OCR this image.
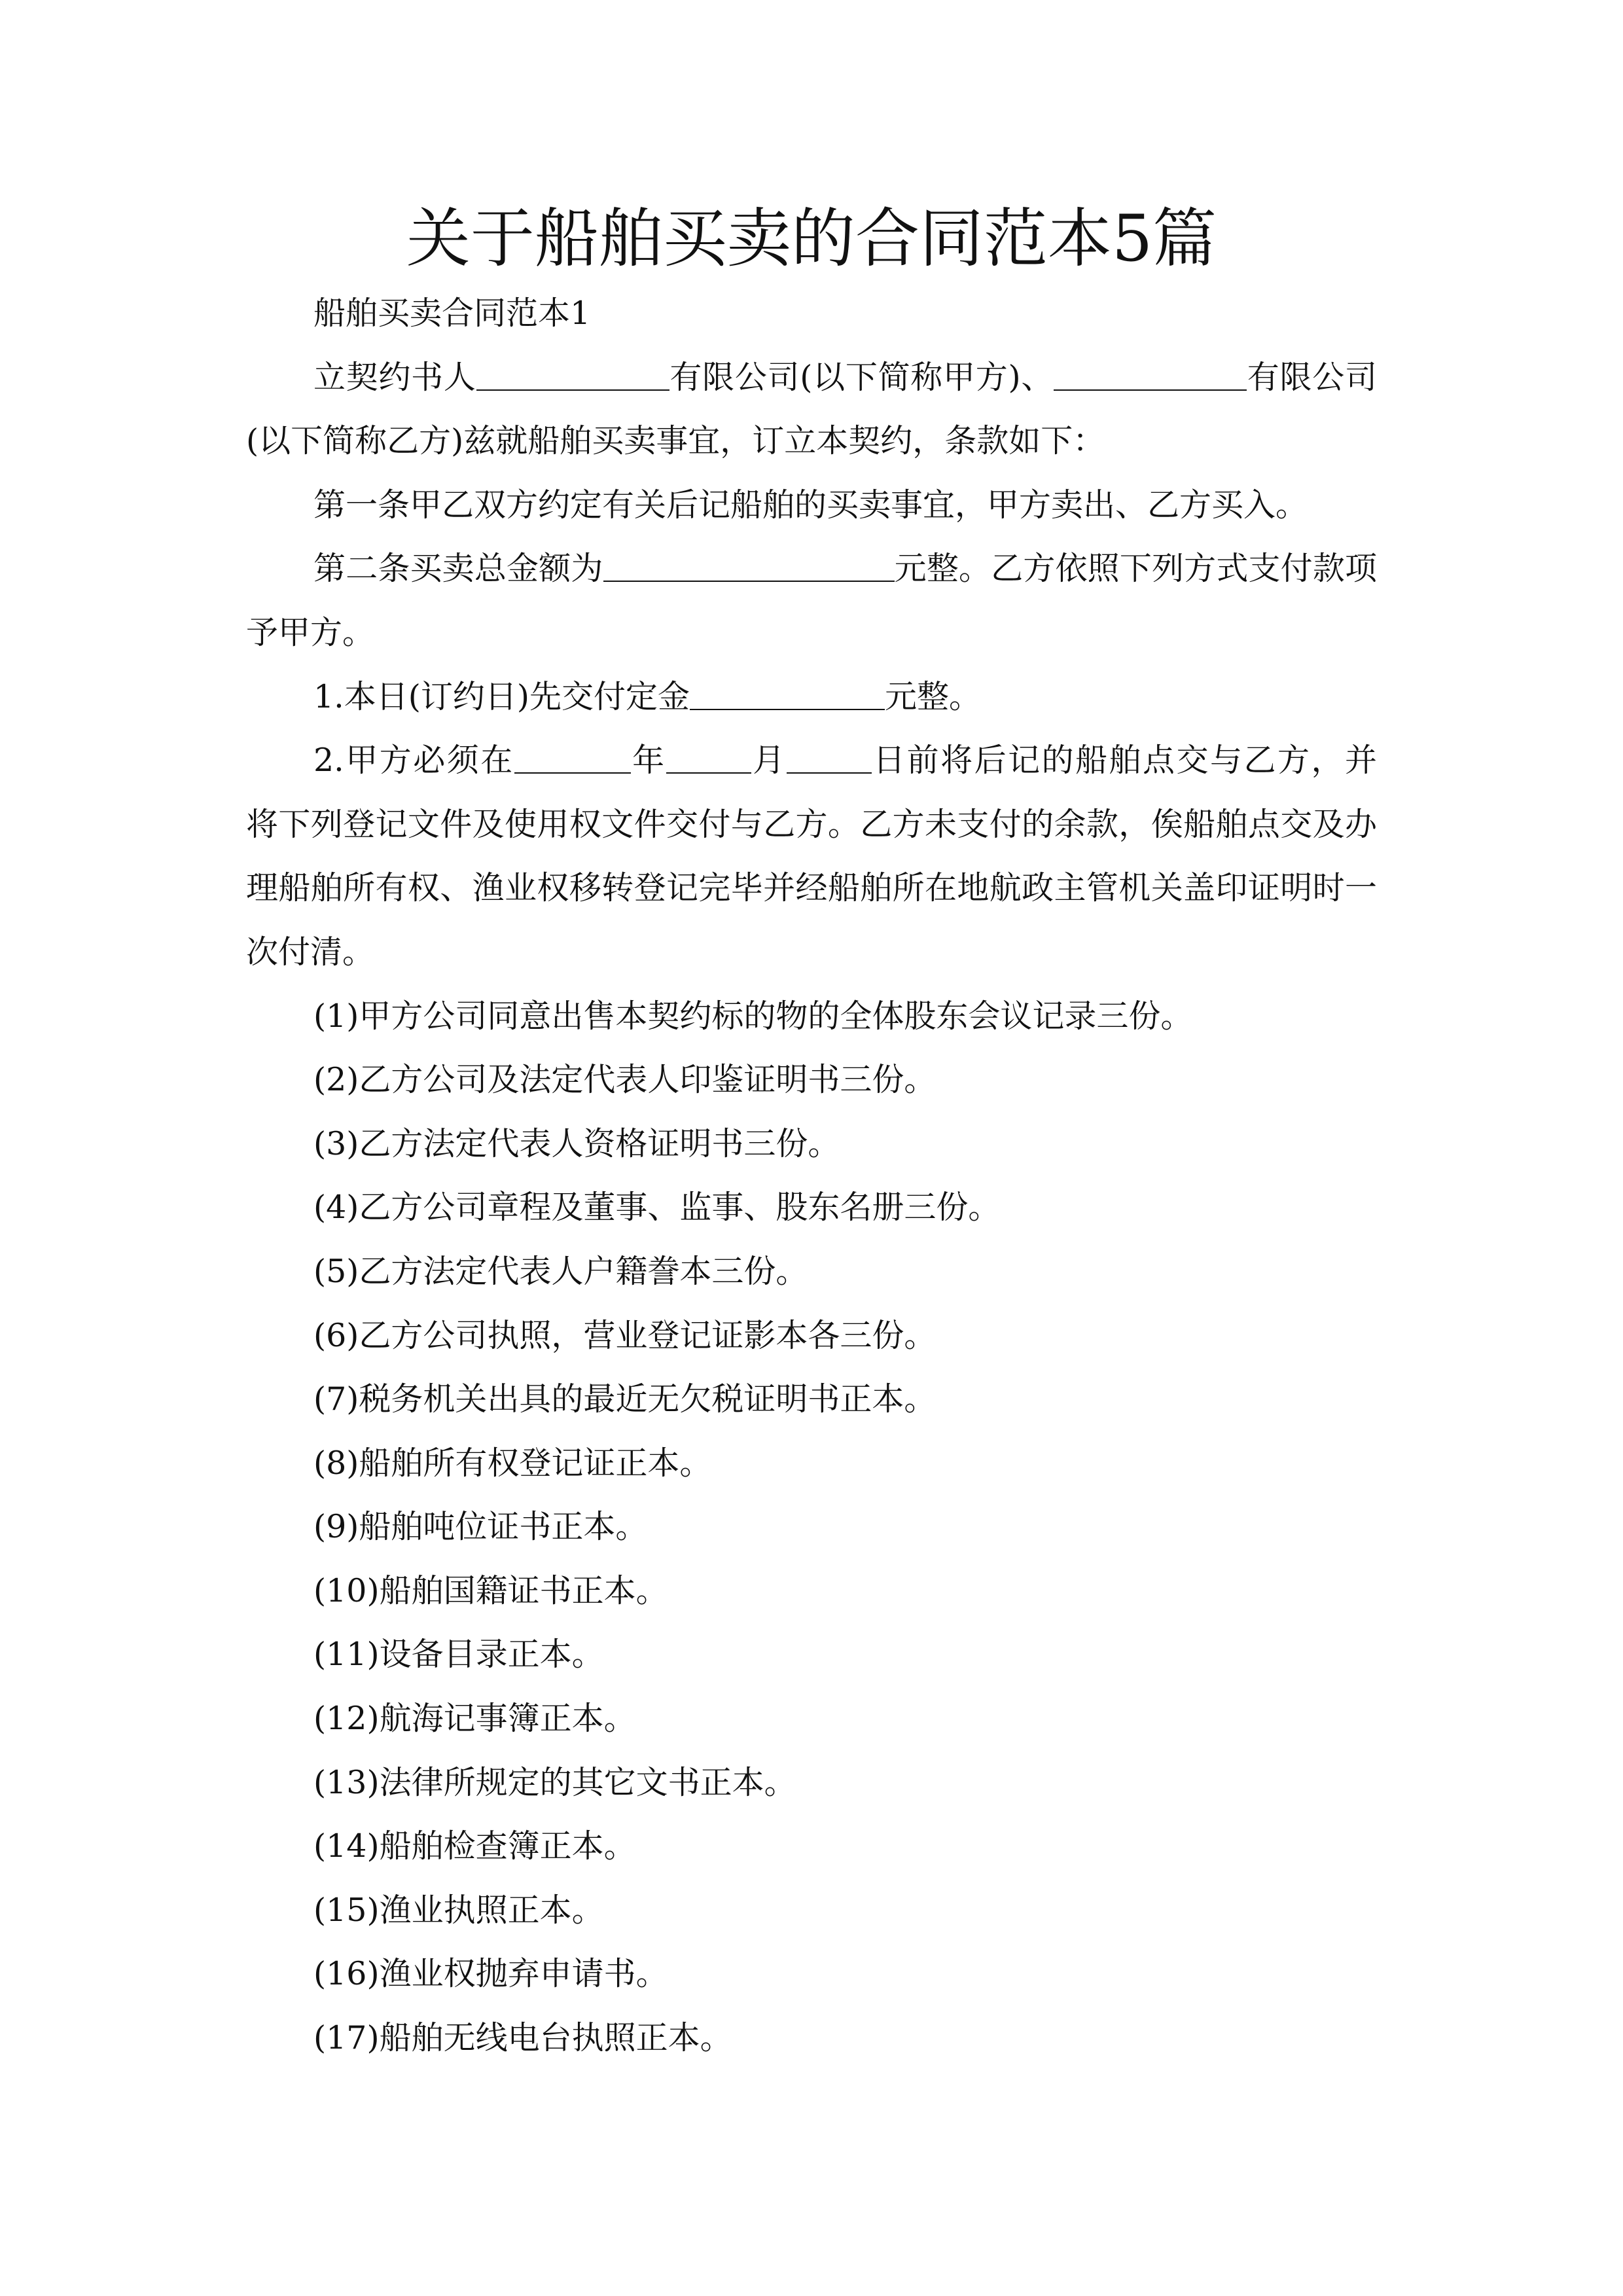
关于船舶买卖的合同范本5篇
船舶买卖合同范本1
立契约书人	有限公司(以下简称甲方)、	有限公司
(以下简称乙方)兹就船舶买卖事宜，订立本契约，条款如下：
第一条甲乙双方约定有关后记船舶的买卖事宜，甲方卖出、乙方买入。
第二条买卖总金额为	元整。乙方依照下列方式支付款项
予甲方。
1.本日(订约日)先交付定金	元整。
2.甲方必须在	年	月	日前将后记的船舶点交与乙方，并
将下列登记文件及使用权文件交付与乙方。乙方未支付的余款，俟船舶点交及办
理船舶所有权、渔业权移转登记完毕并经船舶所在地航政主管机关盖印证明时一
次付清。
(1)甲方公司同意出售本契约标的物的全体股东会议记录三份。
(2)乙方公司及法定代表人印鉴证明书三份。
(3)乙方法定代表人资格证明书三份。
(4)乙方公司章程及董事、监事、股东名册三份。
(5)乙方法定代表人户籍誊本三份。
(6)乙方公司执照，营业登记证影本各三份。
(7)税务机关出具的最近无欠税证明书正本。
(8)船舶所有权登记证正本。
(9)船舶吨位证书正本。
(10)船舶国籍证书正本。
(11)设备目录正本。
(12)航海记事簿正本。
(13)法律所规定的其它文书正本。
(14)船舶检查簿正本。
(15)渔业执照正本。
(16)渔业权抛弃申请书。
(17)船舶无线电台执照正本。
